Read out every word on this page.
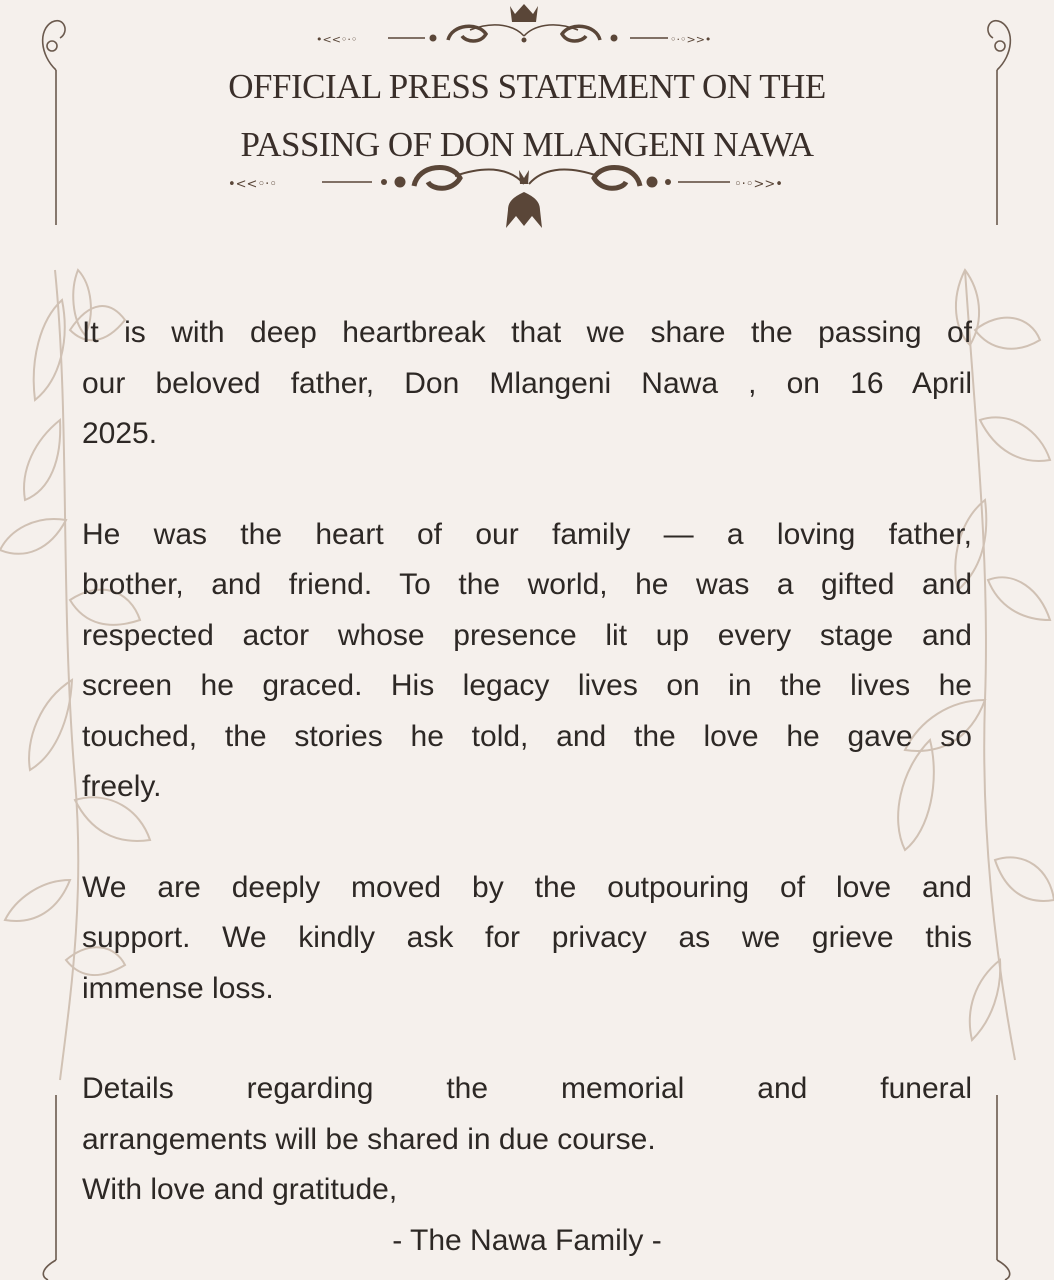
•<<◦·◦	◦·◦>>•
•<<◦·◦	◦·◦>>•
OFFICIAL PRESS STATEMENT ON THE
PASSING OF DON MLANGENI NAWA

It is with deep heartbreak that we share the passing of
our beloved father, Don Mlangeni Nawa , on 16 April
2025.

He was the heart of our family — a loving father,
brother, and friend. To the world, he was a gifted and
respected actor whose presence lit up every stage and
screen he graced. His legacy lives on in the lives he
touched, the stories he told, and the love he gave so
freely.

We are deeply moved by the outpouring of love and
support. We kindly ask for privacy as we grieve this
immense loss.

Details regarding the memorial and funeral
arrangements will be shared in due course.
With love and gratitude,

- The Nawa Family -
